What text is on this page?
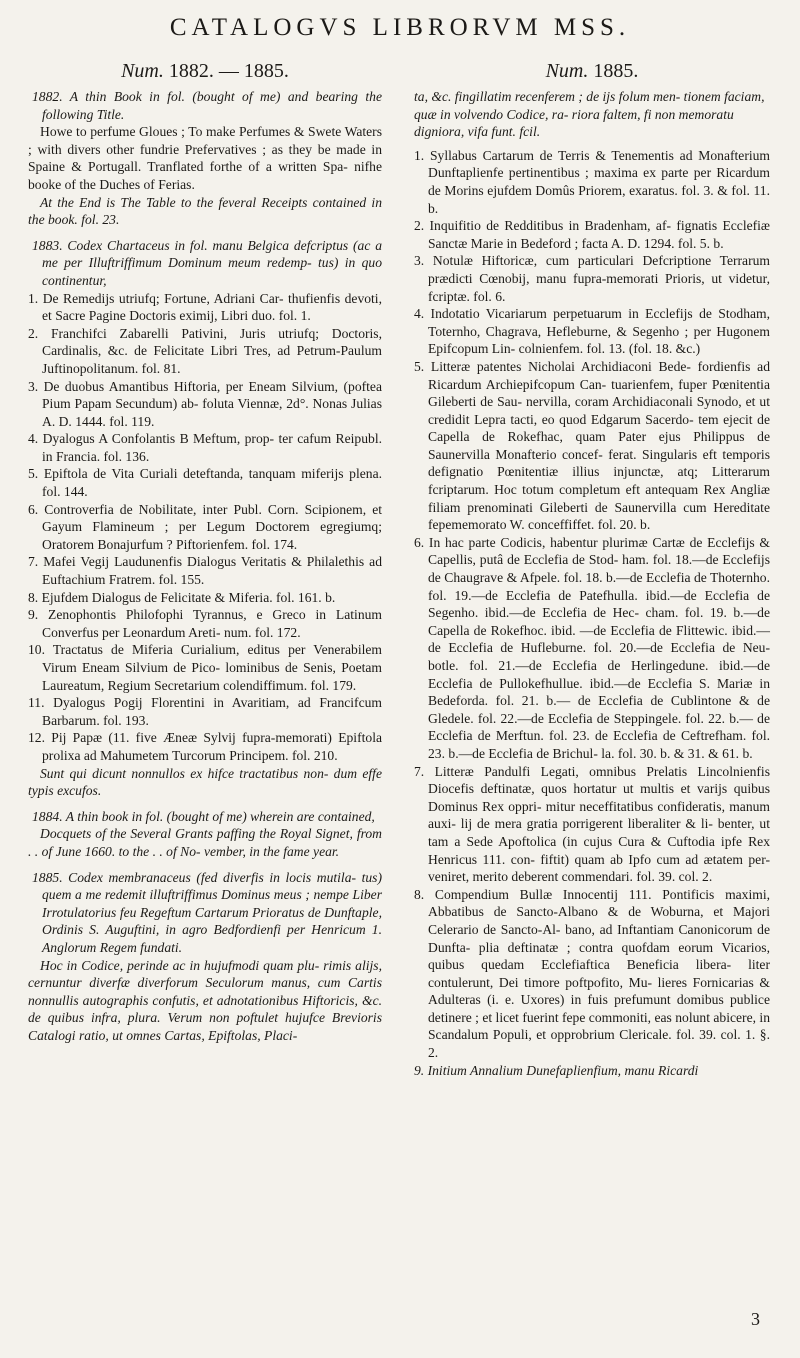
CATALOGVS LIBRORVM MSS.
Num. 1882. — 1885.

1882. A thin Book in fol. (bought of me) and bearing the following Title.

Howe to perfume Gloues ; To make Perfumes & Swete Waters ; with divers other fundrie Prefervatives ; as they be made in Spaine & Portugall. Tranflated forthe of a written Spa- nifhe booke of the Duches of Ferias.

At the End is The Table to the feveral Receipts contained in the book. fol. 23.

1883. Codex Chartaceus in fol. manu Belgica defcriptus (ac a me per Illuftriffimum Dominum meum redemp- tus) in quo continentur,

1. De Remedijs utriufq; Fortune, Adriani Car- thufienfis devoti, et Sacre Pagine Doctoris eximij, Libri duo. fol. 1.

2. Franchifci Zabarelli Pativini, Juris utriufq; Doctoris, Cardinalis, &c. de Felicitate Libri Tres, ad Petrum-Paulum Juftinopolitanum. fol. 81.

3. De duobus Amantibus Hiftoria, per Eneam Silvium, (poftea Pium Papam Secundum) ab- foluta Viennæ, 2d°. Nonas Julias A. D. 1444. fol. 119.

4. Dyalogus A Confolantis B Meftum, prop- ter cafum Reipubl. in Francia. fol. 136.

5. Epiftola de Vita Curiali deteftanda, tanquam miferijs plena. fol. 144.

6. Controverfia de Nobilitate, inter Publ. Corn. Scipionem, et Gayum Flamineum ; per Legum Doctorem egregiumq; Oratorem Bonajurfum ? Piftorienfem. fol. 174.

7. Mafei Vegij Laudunenfis Dialogus Veritatis & Philalethis ad Euftachium Fratrem. fol. 155.

8. Ejufdem Dialogus de Felicitate & Miferia. fol. 161. b.

9. Zenophontis Philofophi Tyrannus, e Greco in Latinum Converfus per Leonardum Areti- num. fol. 172.

10. Tractatus de Miferia Curialium, editus per Venerabilem Virum Eneam Silvium de Pico- lominibus de Senis, Poetam Laureatum, Regium Secretarium colendiffimum. fol. 179.

11. Dyalogus Pogij Florentini in Avaritiam, ad Francifcum Barbarum. fol. 193.

12. Pij Papæ (11. five Æneæ Sylvij fupra-memorati) Epiftola prolixa ad Mahumetem Turcorum Principem. fol. 210.

Sunt qui dicunt nonnullos ex hifce tractatibus non- dum effe typis excufos.

1884. A thin book in fol. (bought of me) wherein are contained,

Docquets of the Several Grants paffing the Royal Signet, from . . of June 1660. to the . . of No- vember, in the fame year.

1885. Codex membranaceus (fed diverfis in locis mutila- tus) quem a me redemit illuftriffimus Dominus meus ; nempe Liber Irrotulatorius feu Regeftum Cartarum Prioratus de Dunftaple, Ordinis S. Auguftini, in agro Bedfordienfi per Henricum 1. Anglorum Regem fundati.

Hoc in Codice, perinde ac in hujufmodi quam plu- rimis alijs, cernuntur diverfæ diverforum Seculorum manus, cum Cartis nonnullis autographis confutis, et adnotationibus Hiftoricis, &c. de quibus infra, plura. Verum non poftulet hujufce Brevioris Catalogi ratio, ut omnes Cartas, Epiftolas, Placi-

Num. 1885.

ta, &c. fingillatim recenferem ; de ijs folum men- tionem faciam, quæ in volvendo Codice, ra- riora faltem, fi non memoratu digniora, vifa funt. fcil.

1. Syllabus Cartarum de Terris & Tenementis ad Monafterium Dunftaplienfe pertinentibus ; maxima ex parte per Ricardum de Morins ejufdem Domûs Priorem, exaratus. fol. 3. & fol. 11. b.

2. Inquifitio de Redditibus in Bradenham, af- fignatis Ecclefiæ Sanctæ Marie in Bedeford ; facta A. D. 1294. fol. 5. b.

3. Notulæ Hiftoricæ, cum particulari Defcriptione Terrarum prædicti Cœnobij, manu fupra-memorati Prioris, ut videtur, fcriptæ. fol. 6.

4. Indotatio Vicariarum perpetuarum in Ecclefijs de Stodham, Toternho, Chagrava, Hefleburne, & Segenho ; per Hugonem Epifcopum Lin- colnienfem. fol. 13. (fol. 18. &c.)

5. Litteræ patentes Nicholai Archidiaconi Bede- fordienfis ad Ricardum Archiepifcopum Can- tuarienfem, fuper Pœnitentia Gileberti de Sau- nervilla, coram Archidiaconali Synodo, et ut credidit Lepra tacti, eo quod Edgarum Sacerdo- tem ejecit de Capella de Rokefhac, quam Pater ejus Philippus de Saunervilla Monafterio concef- ferat. Singularis eft temporis defignatio Pœnitentiæ illius injunctæ, atq; Litterarum fcriptarum. Hoc totum completum eft antequam Rex Angliæ filiam prenominati Gileberti de Saunervilla cum Hereditate fepememorato W. conceffiffet. fol. 20. b.

6. In hac parte Codicis, habentur plurimæ Cartæ de Ecclefijs & Capellis, putâ de Ecclefia de Stod- ham. fol. 18.—de Ecclefijs de Chaugrave & Afpele. fol. 18. b.—de Ecclefia de Thoternho. fol. 19.—de Ecclefia de Patefhulla. ibid.—de Ecclefia de Segenho. ibid.—de Ecclefia de Hec- cham. fol. 19. b.—de Capella de Rokefhoc. ibid. —de Ecclefia de Flittewic. ibid.—de Ecclefia de Hufleburne. fol. 20.—de Ecclefia de Neu- botle. fol. 21.—de Ecclefia de Herlingedune. ibid.—de Ecclefia de Pullokefhullue. ibid.—de Ecclefia S. Mariæ in Bedeforda. fol. 21. b.— de Ecclefia de Cublintone & de Gledele. fol. 22.—de Ecclefia de Steppingele. fol. 22. b.— de Ecclefia de Merftun. fol. 23. de Ecclefia de Ceftrefham. fol. 23. b.—de Ecclefia de Brichul- la. fol. 30. b. & 31. & 61. b.

7. Litteræ Pandulfi Legati, omnibus Prelatis Lincolnienfis Diocefis deftinatæ, quos hortatur ut multis et varijs quibus Dominus Rex oppri- mitur neceffitatibus confideratis, manum auxi- lij de mera gratia porrigerent liberaliter & li- benter, ut tam a Sede Apoftolica (in cujus Cura & Cuftodia ipfe Rex Henricus 111. con- fiftit) quam ab Ipfo cum ad ætatem per- veniret, merito deberent commendari. fol. 39. col. 2.

8. Compendium Bullæ Innocentij 111. Pontificis maximi, Abbatibus de Sancto-Albano & de Woburna, et Majori Celerario de Sancto-Al- bano, ad Inftantiam Canonicorum de Dunfta- plia deftinatæ ; contra quofdam eorum Vicarios, quibus quedam Ecclefiaftica Beneficia libera- liter contulerunt, Dei timore poftpofito, Mu- lieres Fornicarias & Adulteras (i. e. Uxores) in fuis prefumunt domibus publice detinere ; et licet fuerint fepe commoniti, eas nolunt abicere, in Scandalum Populi, et opprobrium Clericale. fol. 39. col. 1. §. 2.

9. Initium Annalium Dunefaplienfium, manu Ricardi

3
